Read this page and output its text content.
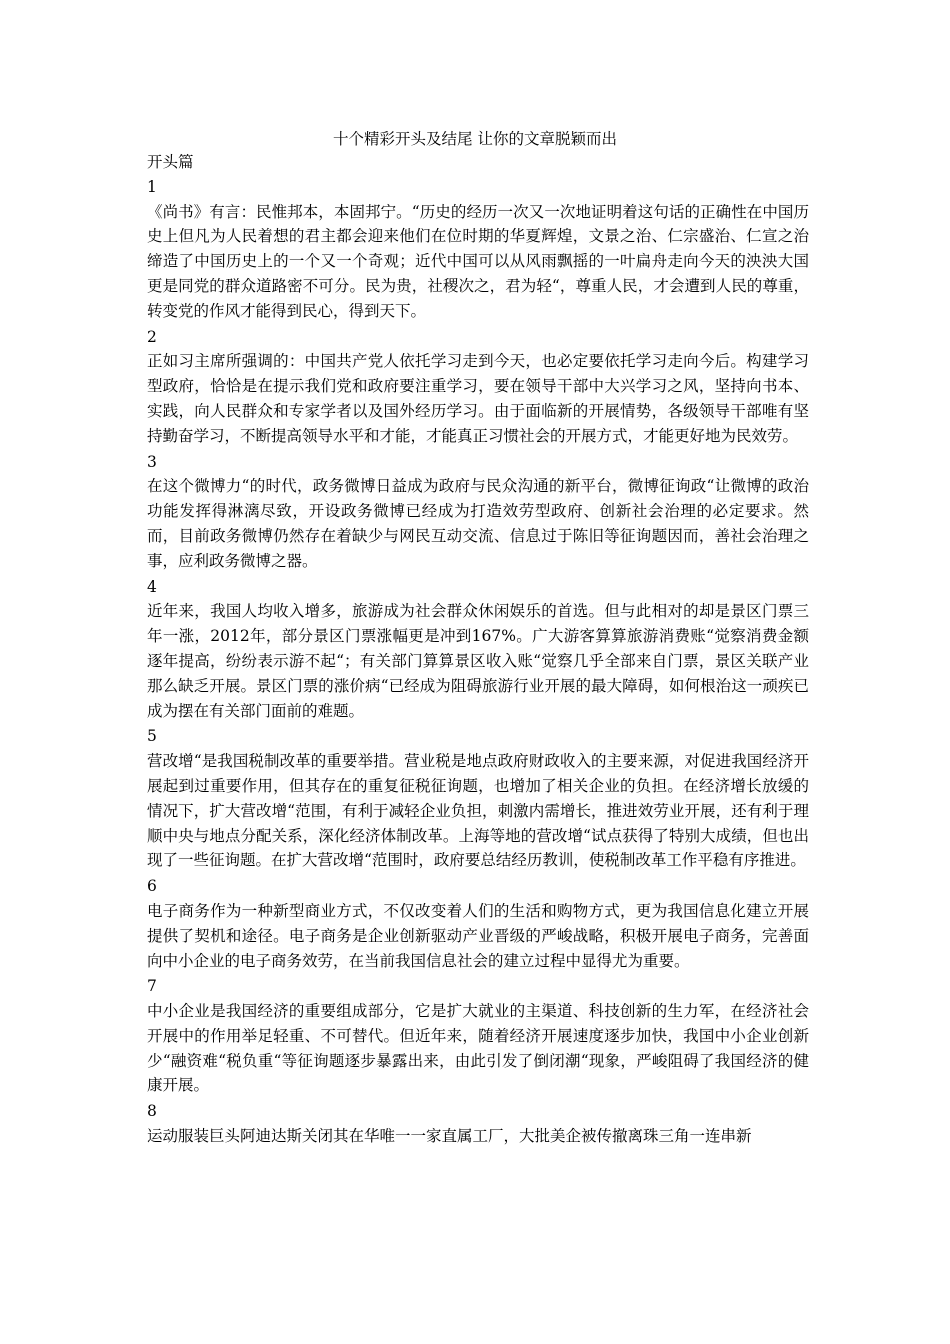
十个精彩开头及结尾 让你的文章脱颖而出
开头篇
1
《尚书》有言：民惟邦本，本固邦宁。“历史的经历一次又一次地证明着这句话的正确性在中国历史上但凡为人民着想的君主都会迎来他们在位时期的华夏辉煌，文景之治、仁宗盛治、仁宣之治缔造了中国历史上的一个又一个奇观；近代中国可以从风雨飘摇的一叶扁舟走向今天的泱泱大国更是同党的群众道路密不可分。民为贵，社稷次之，君为轻“，尊重人民，才会遭到人民的尊重，转变党的作风才能得到民心，得到天下。
2
正如习主席所强调的：中国共产党人依托学习走到今天，也必定要依托学习走向今后。构建学习型政府，恰恰是在提示我们党和政府要注重学习，要在领导干部中大兴学习之风，坚持向书本、实践，向人民群众和专家学者以及国外经历学习。由于面临新的开展情势，各级领导干部唯有坚持勤奋学习，不断提高领导水平和才能，才能真正习惯社会的开展方式，才能更好地为民效劳。
3
在这个微博力“的时代，政务微博日益成为政府与民众沟通的新平台，微博征询政“让微博的政治功能发挥得淋漓尽致，开设政务微博已经成为打造效劳型政府、创新社会治理的必定要求。然而，目前政务微博仍然存在着缺少与网民互动交流、信息过于陈旧等征询题因而，善社会治理之事，应利政务微博之器。
4
近年来，我国人均收入增多，旅游成为社会群众休闲娱乐的首选。但与此相对的却是景区门票三年一涨，2012年，部分景区门票涨幅更是冲到167%。广大游客算算旅游消费账“觉察消费金额逐年提高，纷纷表示游不起“；有关部门算算景区收入账“觉察几乎全部来自门票，景区关联产业那么缺乏开展。景区门票的涨价病“已经成为阻碍旅游行业开展的最大障碍，如何根治这一顽疾已成为摆在有关部门面前的难题。
5
营改增“是我国税制改革的重要举措。营业税是地点政府财政收入的主要来源，对促进我国经济开展起到过重要作用，但其存在的重复征税征询题，也增加了相关企业的负担。在经济增长放缓的情况下，扩大营改增“范围，有利于减轻企业负担，刺激内需增长，推进效劳业开展，还有利于理顺中央与地点分配关系，深化经济体制改革。上海等地的营改增“试点获得了特别大成绩，但也出现了一些征询题。在扩大营改增“范围时，政府要总结经历教训，使税制改革工作平稳有序推进。
6
电子商务作为一种新型商业方式，不仅改变着人们的生活和购物方式，更为我国信息化建立开展提供了契机和途径。电子商务是企业创新驱动产业晋级的严峻战略，积极开展电子商务，完善面向中小企业的电子商务效劳，在当前我国信息社会的建立过程中显得尤为重要。
7
中小企业是我国经济的重要组成部分，它是扩大就业的主渠道、科技创新的生力军，在经济社会开展中的作用举足轻重、不可替代。但近年来，随着经济开展速度逐步加快，我国中小企业创新少“融资难“税负重“等征询题逐步暴露出来，由此引发了倒闭潮“现象，严峻阻碍了我国经济的健康开展。
8
运动服装巨头阿迪达斯关闭其在华唯一一家直属工厂，大批美企被传撤离珠三角一连串新
